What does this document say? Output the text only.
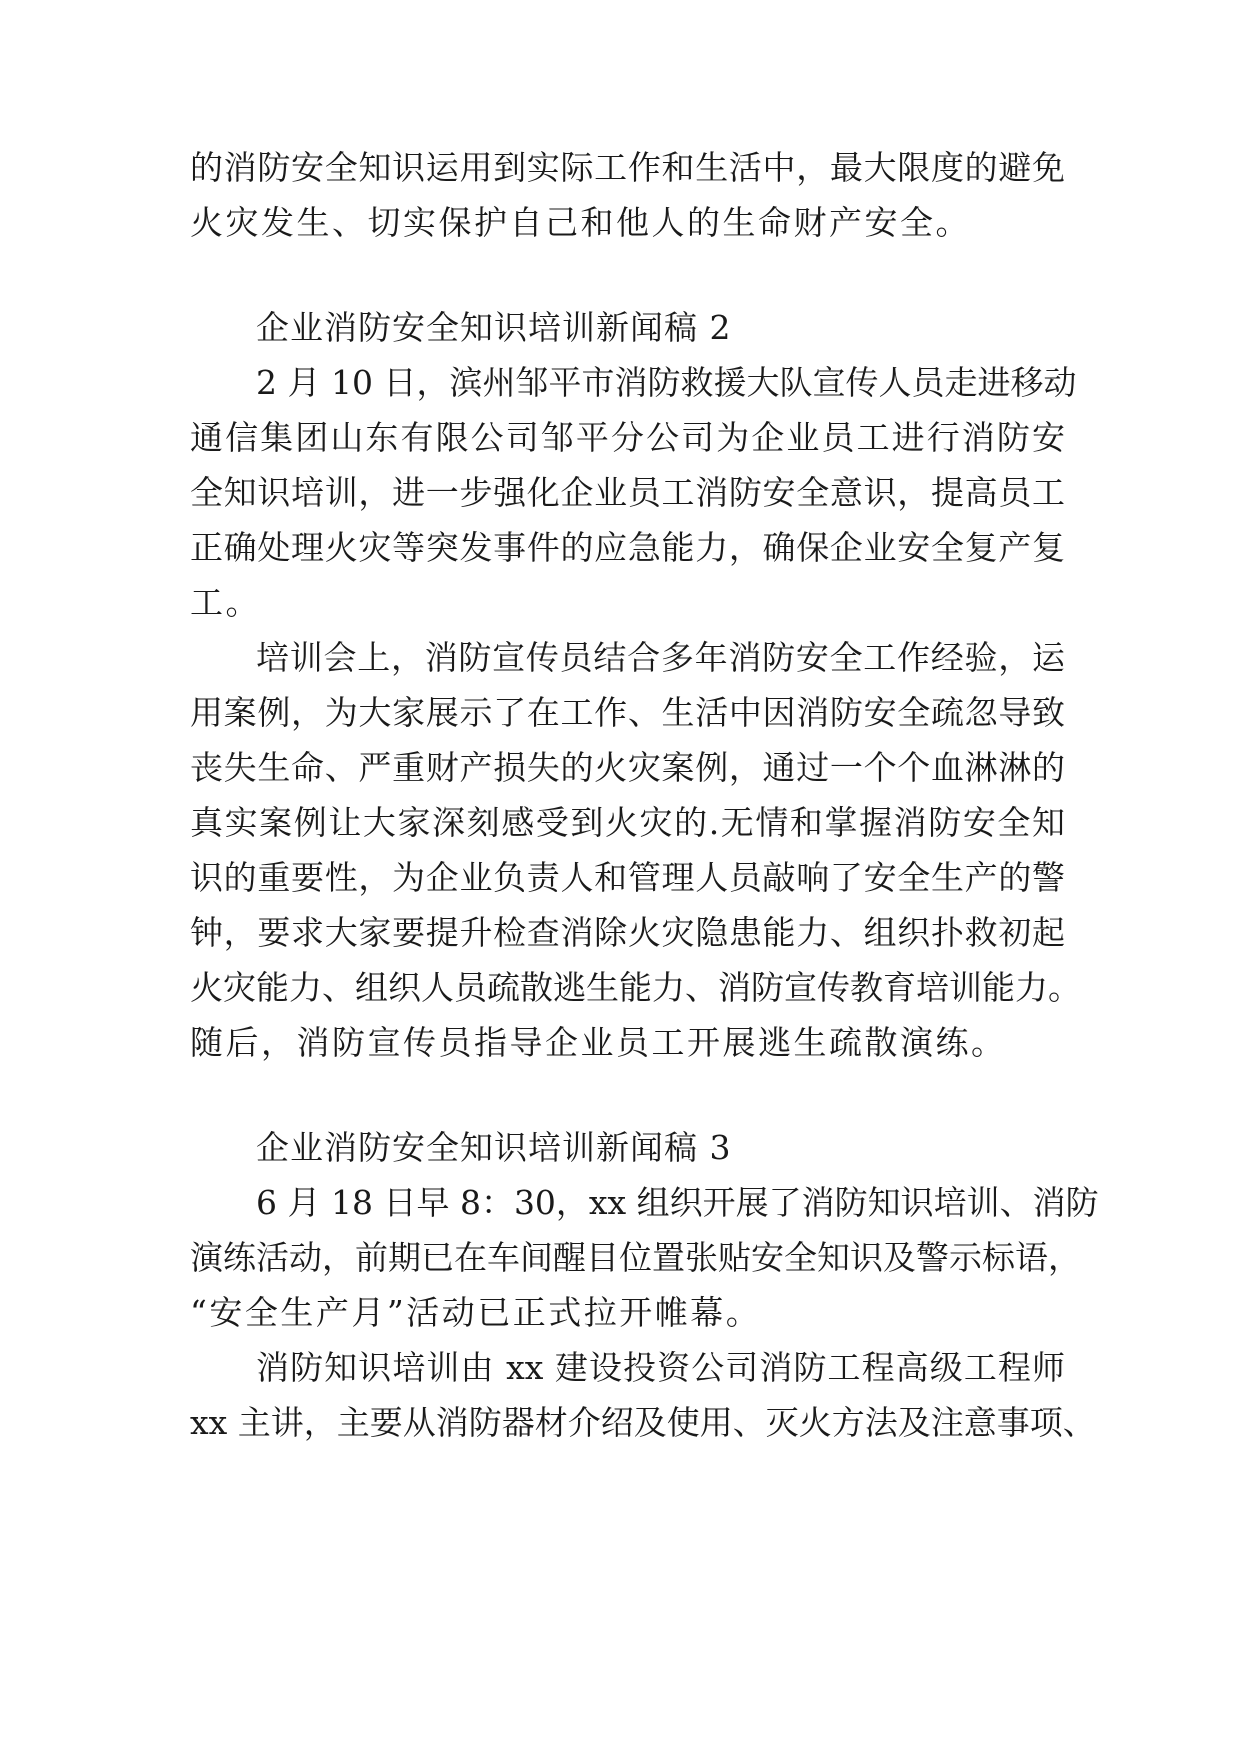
的消防安全知识运用到实际工作和生活中，最大限度的避免
火灾发生、切实保护自己和他人的生命财产安全。
企业消防安全知识培训新闻稿 2
2 月 10 日，滨州邹平市消防救援大队宣传人员走进移动
通信集团山东有限公司邹平分公司为企业员工进行消防安
全知识培训，进一步强化企业员工消防安全意识，提高员工
正确处理火灾等突发事件的应急能力，确保企业安全复产复
工。
培训会上，消防宣传员结合多年消防安全工作经验，运
用案例，为大家展示了在工作、生活中因消防安全疏忽导致
丧失生命、严重财产损失的火灾案例，通过一个个血淋淋的
真实案例让大家深刻感受到火灾的.无情和掌握消防安全知
识的重要性，为企业负责人和管理人员敲响了安全生产的警
钟，要求大家要提升检查消除火灾隐患能力、组织扑救初起
火灾能力、组织人员疏散逃生能力、消防宣传教育培训能力。
随后，消防宣传员指导企业员工开展逃生疏散演练。
企业消防安全知识培训新闻稿 3
6 月 18 日早 8：30，xx 组织开展了消防知识培训、消防
演练活动，前期已在车间醒目位置张贴安全知识及警示标语，
“安全生产月”活动已正式拉开帷幕。
消防知识培训由 xx 建设投资公司消防工程高级工程师
xx 主讲，主要从消防器材介绍及使用、灭火方法及注意事项、
